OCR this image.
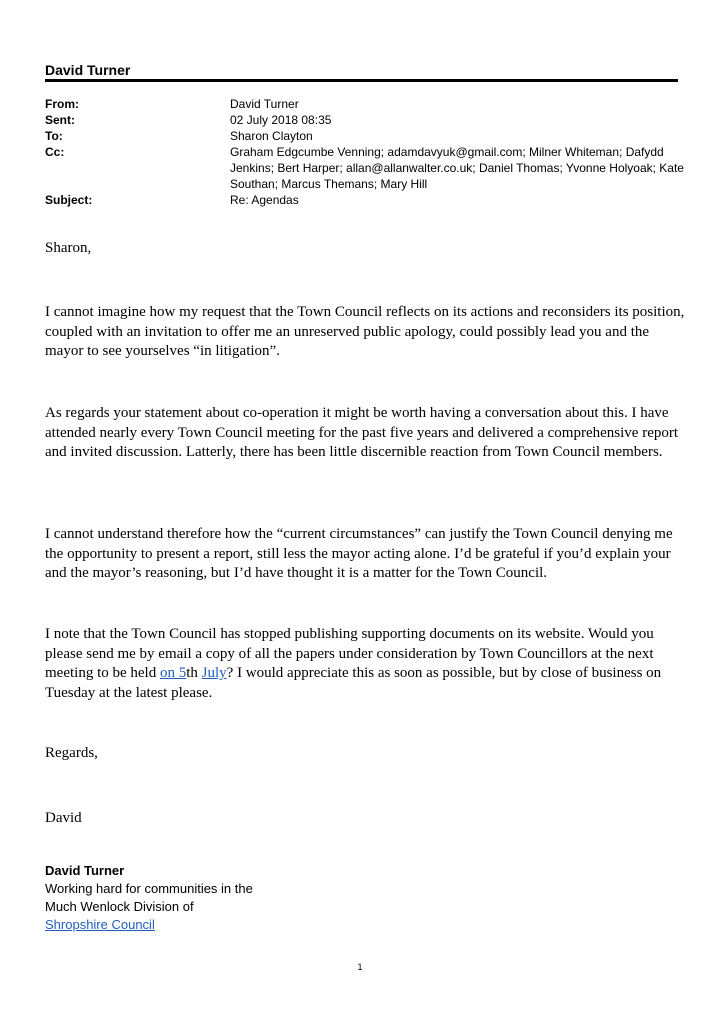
David Turner
From:	David Turner
Sent:	02 July 2018 08:35
To:	Sharon Clayton
Cc:	Graham Edgcumbe Venning; adamdavyuk@gmail.com; Milner Whiteman; Dafydd
Jenkins; Bert Harper; allan@allanwalter.co.uk; Daniel Thomas; Yvonne Holyoak; Kate
Southan; Marcus Themans; Mary Hill
Subject:	Re: Agendas
Sharon,
I cannot imagine how my request that the Town Council reflects on its actions and reconsiders its position, coupled with an invitation to offer me an unreserved public apology, could possibly lead you and the mayor to see yourselves “in litigation”.
As regards your statement about co-operation it might be worth having a conversation about this. I have attended nearly every Town Council meeting for the past five years and delivered a comprehensive report and invited discussion. Latterly, there has been little discernible reaction from Town Council members.
I cannot understand therefore how the “current circumstances” can justify the Town Council denying me the opportunity to present a report, still less the mayor acting alone. I’d be grateful if you’d explain your and the mayor’s reasoning, but I’d have thought it is a matter for the Town Council.
I note that the Town Council has stopped publishing supporting documents on its website. Would you please send me by email a copy of all the papers under consideration by Town Councillors at the next meeting to be held on 5th July? I would appreciate this as soon as possible, but by close of business on Tuesday at the latest please.
Regards,
David
David Turner
Working hard for communities in the
Much Wenlock Division of
Shropshire Council
1
